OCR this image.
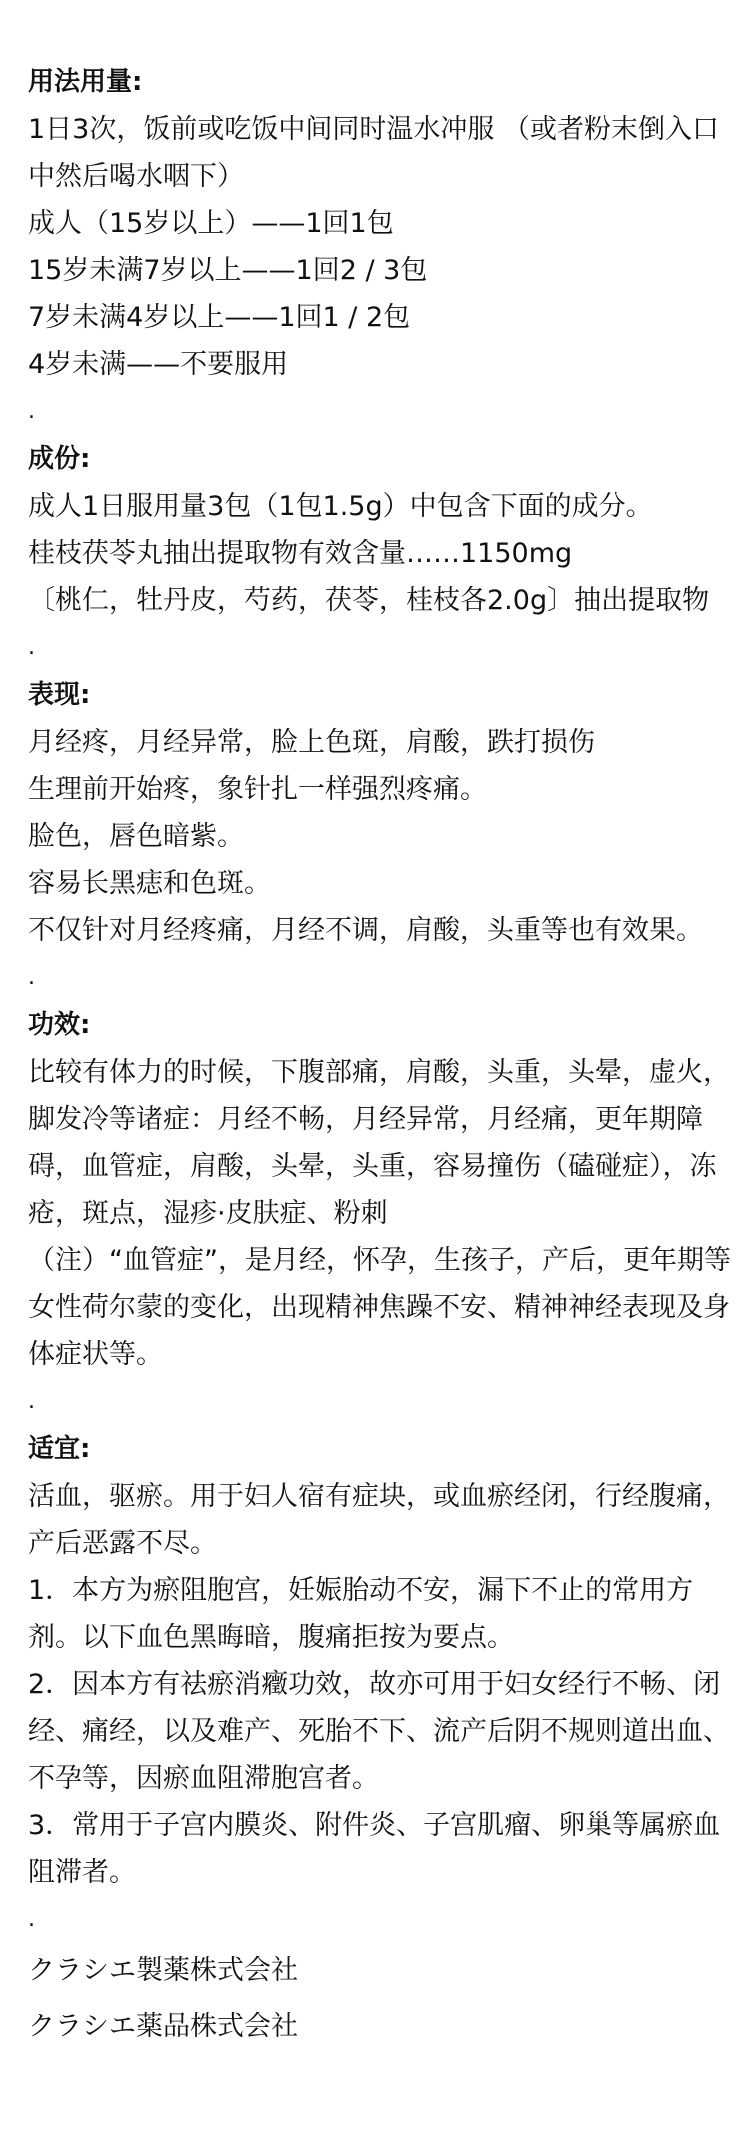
用法用量:

1日3次，饭前或吃饭中间同时温水冲服 （或者粉末倒入口中然后喝水咽下）

成人（15岁以上）——1回1包

15岁未满7岁以上——1回2 / 3包

7岁未满4岁以上——1回1 / 2包

4岁未满——不要服用

.

成份:

成人1日服用量3包（1包1.5g）中包含下面的成分。

桂枝茯苓丸抽出提取物有效含量……1150mg

〔桃仁，牡丹皮，芍药，茯苓，桂枝各2.0g〕抽出提取物

.

表现:

月经疼，月经异常，脸上色斑，肩酸，跌打损伤

生理前开始疼，象针扎一样强烈疼痛。

脸色，唇色暗紫。

容易长黑痣和色斑。

不仅针对月经疼痛，月经不调，肩酸，头重等也有效果。

.

功效:

比较有体力的时候，下腹部痛，肩酸，头重，头晕，虚火，脚发冷等诸症：月经不畅，月经异常，月经痛，更年期障碍，血管症，肩酸，头晕，头重，容易撞伤（磕碰症），冻疮，斑点，湿疹·皮肤症、粉刺

（注）“血管症”，是月经，怀孕，生孩子，产后，更年期等女性荷尔蒙的变化，出现精神焦躁不安、精神神经表现及身体症状等。

.

适宜:

活血，驱瘀。用于妇人宿有症块，或血瘀经闭，行经腹痛，产后恶露不尽。

1．本方为瘀阻胞宫，妊娠胎动不安，漏下不止的常用方剂。以下血色黑晦暗，腹痛拒按为要点。

2．因本方有祛瘀消癥功效，故亦可用于妇女经行不畅、闭经、痛经，以及难产、死胎不下、流产后阴不规则道出血、不孕等，因瘀血阻滞胞宫者。

3．常用于子宫内膜炎、附件炎、子宫肌瘤、卵巢等属瘀血阻滞者。

.

クラシエ製薬株式会社

クラシエ薬品株式会社
